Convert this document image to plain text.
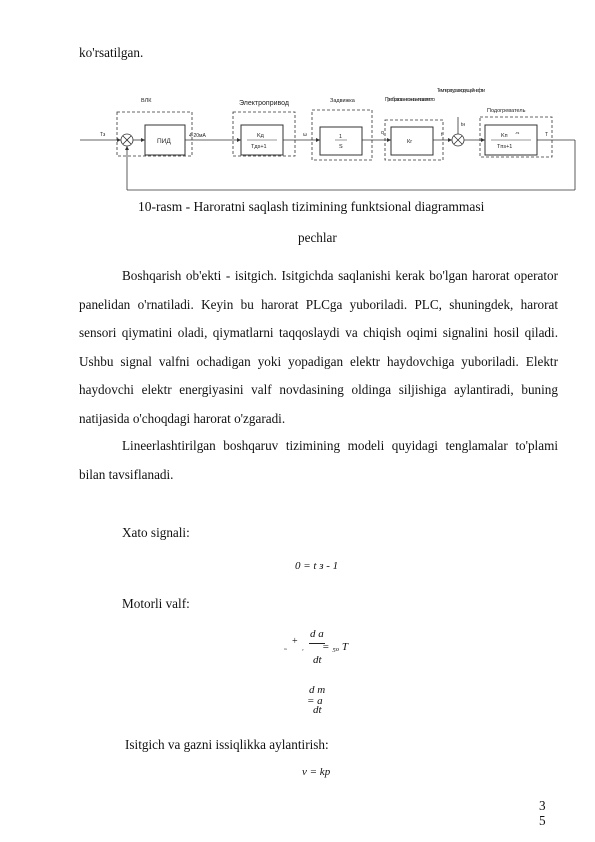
ko'rsatilgan.
ВЛК	Электропривод	Задвижка	Преобразование сжигания газа в тепло
Температура входящей нефти
Подогреватель
ПИД
4-20мА
Tз	ω	q	t
tн
T
Kд
Tдs+1
1
S
Кг
Kп -τs
Tпs+1
10-rasm - Haroratni saqlash tizimining funktsional diagrammasi
pechlar
Boshqarish ob'ekti - isitgich. Isitgichda saqlanishi kerak bo'lgan harorat operator panelidan o'rnatiladi. Keyin bu harorat PLCga yuboriladi. PLC, shuningdek, harorat sensori qiymatini oladi, qiymatlarni taqqoslaydi va chiqish oqimi signalini hosil qiladi. Ushbu signal valfni ochadigan yoki yopadigan elektr haydovchiga yuboriladi. Elektr haydovchi elektr energiyasini valf novdasining oldinga siljishiga aylantiradi, buning natijasida o'choqdagi harorat o'zgaradi.
Lineerlashtirilgan boshqaruv tizimining modeli quyidagi tenglamalar to'plami bilan tavsiflanadi.
Xato signali:
0 = t з - 1
Motorli valf:
ₘ
+
ₒ
d a
dt
= ₅ₒ T
d m
= a
dt
Isitgich va gazni issiqlikka aylantirish:
v = kp
3
5
